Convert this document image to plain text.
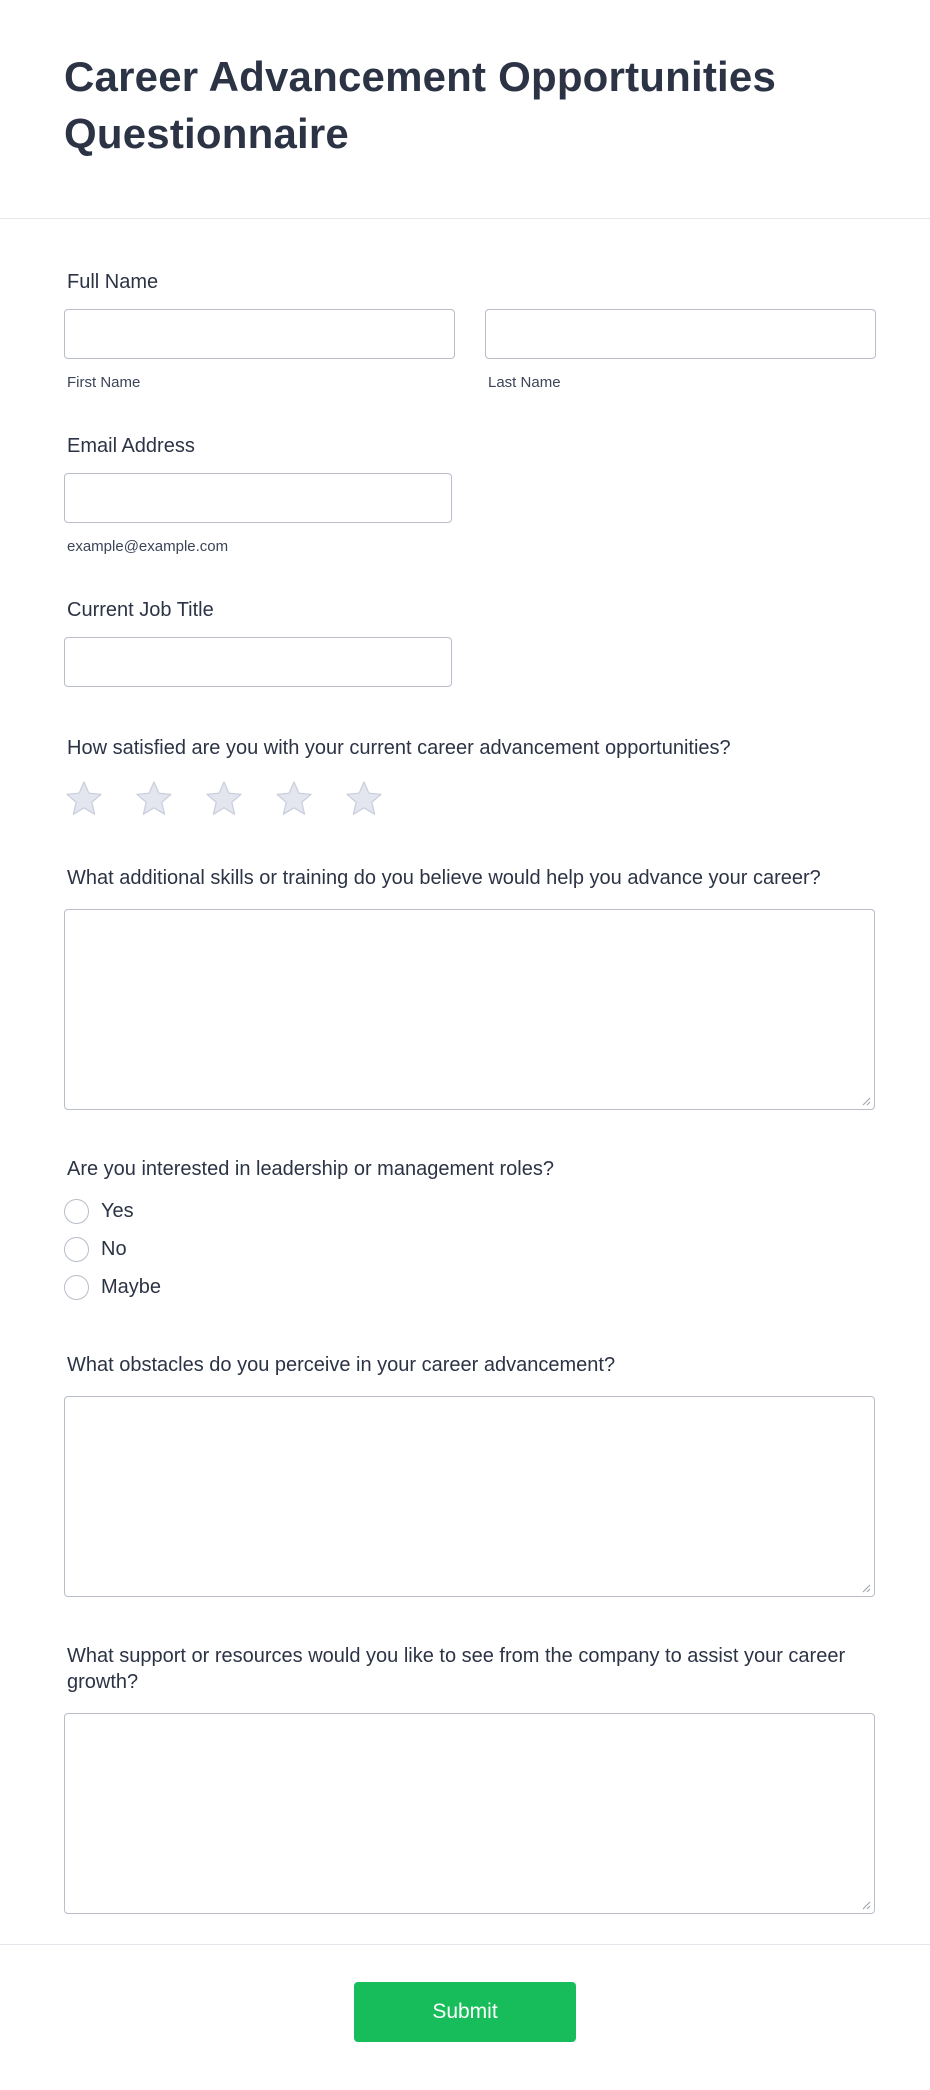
Career Advancement Opportunities Questionnaire
Full Name
First Name	Last Name
Email Address
example@example.com
Current Job Title
How satisfied are you with your current career advancement opportunities?
What additional skills or training do you believe would help you advance your career?
Are you interested in leadership or management roles?
Yes
No
Maybe
What obstacles do you perceive in your career advancement?
What support or resources would you like to see from the company to assist your career growth?
Submit
